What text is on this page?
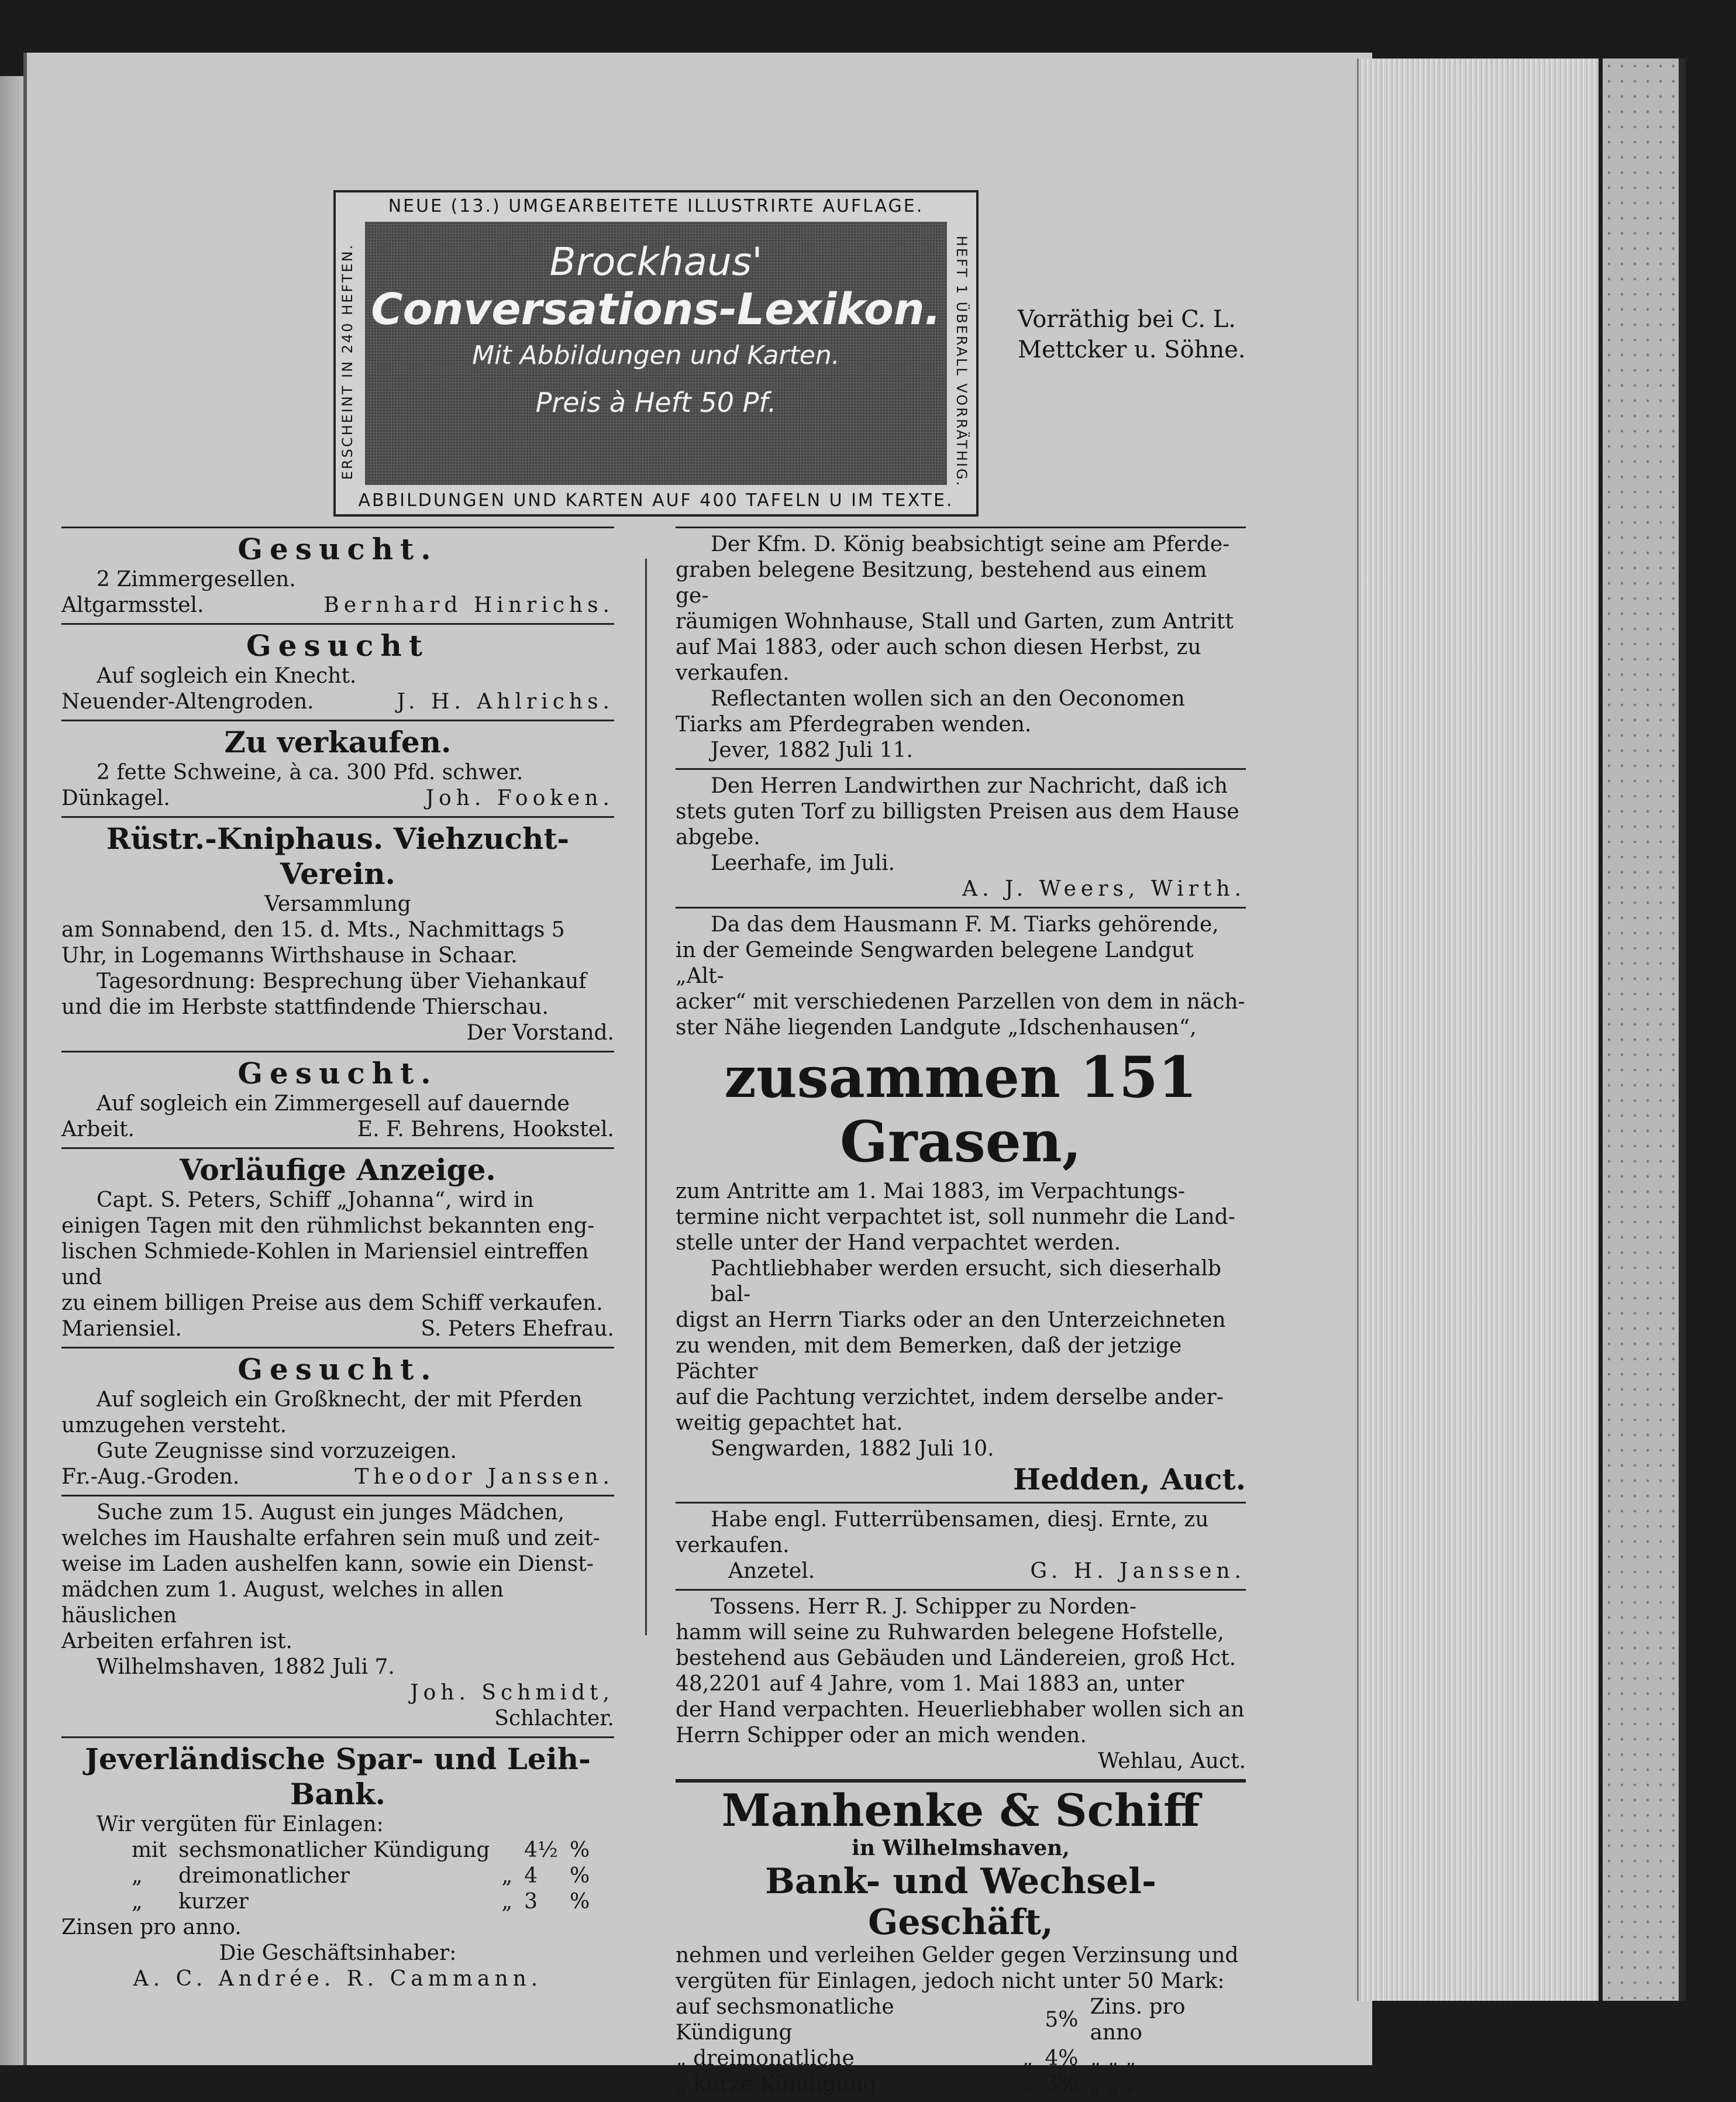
NEUE (13.) UMGEARBEITETE ILLUSTRIRTE AUFLAGE.
ERSCHEINT IN 240 HEFTEN.	HEFT 1 ÜBERALL VORRÄTHIG.
Brockhaus'
Conversations-Lexikon.
Mit Abbildungen und Karten.
Preis à Heft 50 Pf.
ABBILDUNGEN UND KARTEN AUF 400 TAFELN U IM TEXTE.
Vorräthig bei C. L.
Mettcker u. Söhne.
Gesucht.
2 Zimmergesellen.
Altgarmsstel.	Bernhard Hinrichs.
Gesucht
Auf sogleich ein Knecht.
Neuender-Altengroden.	J. H. Ahlrichs.
Zu verkaufen.
2 fette Schweine, à ca. 300 Pfd. schwer.
Dünkagel.	Joh. Fooken.
Rüstr.-Kniphaus. Viehzucht-Verein.
Versammlung
am Sonnabend, den 15. d. Mts., Nachmittags 5
Uhr, in Logemanns Wirthshause in Schaar.
Tagesordnung: Besprechung über Viehankauf
und die im Herbste stattfindende Thierschau.
Der Vorstand.
Gesucht.
Auf sogleich ein Zimmergesell auf dauernde
Arbeit.	E. F. Behrens, Hookstel.
Vorläufige Anzeige.
Capt. S. Peters, Schiff „Johanna“, wird in
einigen Tagen mit den rühmlichst bekannten eng-
lischen Schmiede-Kohlen in Mariensiel eintreffen und
zu einem billigen Preise aus dem Schiff verkaufen.
Mariensiel.	S. Peters Ehefrau.
Gesucht.
Auf sogleich ein Großknecht, der mit Pferden
umzugehen versteht.
Gute Zeugnisse sind vorzuzeigen.
Fr.-Aug.-Groden.	Theodor Janssen.
Suche zum 15. August ein junges Mädchen,
welches im Haushalte erfahren sein muß und zeit-
weise im Laden aushelfen kann, sowie ein Dienst-
mädchen zum 1. August, welches in allen häuslichen
Arbeiten erfahren ist.
Wilhelmshaven, 1882 Juli 7.
Joh. Schmidt,
Schlachter.
Jeverländische Spar- und Leih-Bank.
Wir vergüten für Einlagen:
mit	sechsmonatlicher Kündigung		4½	%
„	dreimonatlicher	„	4	%
„	kurzer	„	3	%
Zinsen pro anno.
Die Geschäftsinhaber:
A. C. Andrée. R. Cammann.
Der Kfm. D. König beabsichtigt seine am Pferde-
graben belegene Besitzung, bestehend aus einem ge-
räumigen Wohnhause, Stall und Garten, zum Antritt
auf Mai 1883, oder auch schon diesen Herbst, zu
verkaufen.
Reflectanten wollen sich an den Oeconomen
Tiarks am Pferdegraben wenden.
Jever, 1882 Juli 11.
Den Herren Landwirthen zur Nachricht, daß ich
stets guten Torf zu billigsten Preisen aus dem Hause
abgebe.
Leerhafe, im Juli.
A. J. Weers, Wirth.
Da das dem Hausmann F. M. Tiarks gehörende,
in der Gemeinde Sengwarden belegene Landgut „Alt-
acker“ mit verschiedenen Parzellen von dem in näch-
ster Nähe liegenden Landgute „Idschenhausen“,
zusammen 151 Grasen,
zum Antritte am 1. Mai 1883, im Verpachtungs-
termine nicht verpachtet ist, soll nunmehr die Land-
stelle unter der Hand verpachtet werden.
Pachtliebhaber werden ersucht, sich dieserhalb bal-
digst an Herrn Tiarks oder an den Unterzeichneten
zu wenden, mit dem Bemerken, daß der jetzige Pächter
auf die Pachtung verzichtet, indem derselbe ander-
weitig gepachtet hat.
Sengwarden, 1882 Juli 10.
Hedden, Auct.
Habe engl. Futterrübensamen, diesj. Ernte, zu
verkaufen.
Anzetel.	G. H. Janssen.
Tossens. Herr R. J. Schipper zu Norden-
hamm will seine zu Ruhwarden belegene Hofstelle,
bestehend aus Gebäuden und Ländereien, groß Hct.
48,2201 auf 4 Jahre, vom 1. Mai 1883 an, unter
der Hand verpachten. Heuerliebhaber wollen sich an
Herrn Schipper oder an mich wenden.
Wehlau, Auct.
Manhenke & Schiff
in Wilhelmshaven,
Bank- und Wechsel-Geschäft,
nehmen und verleihen Gelder gegen Verzinsung und
vergüten für Einlagen, jedoch nicht unter 50 Mark:
auf sechsmonatliche Kündigung		5%	Zins. pro anno
„ dreimonatliche	„	4%	„ „ „
„ kurze Kündigung	„	3%	„ „ „
